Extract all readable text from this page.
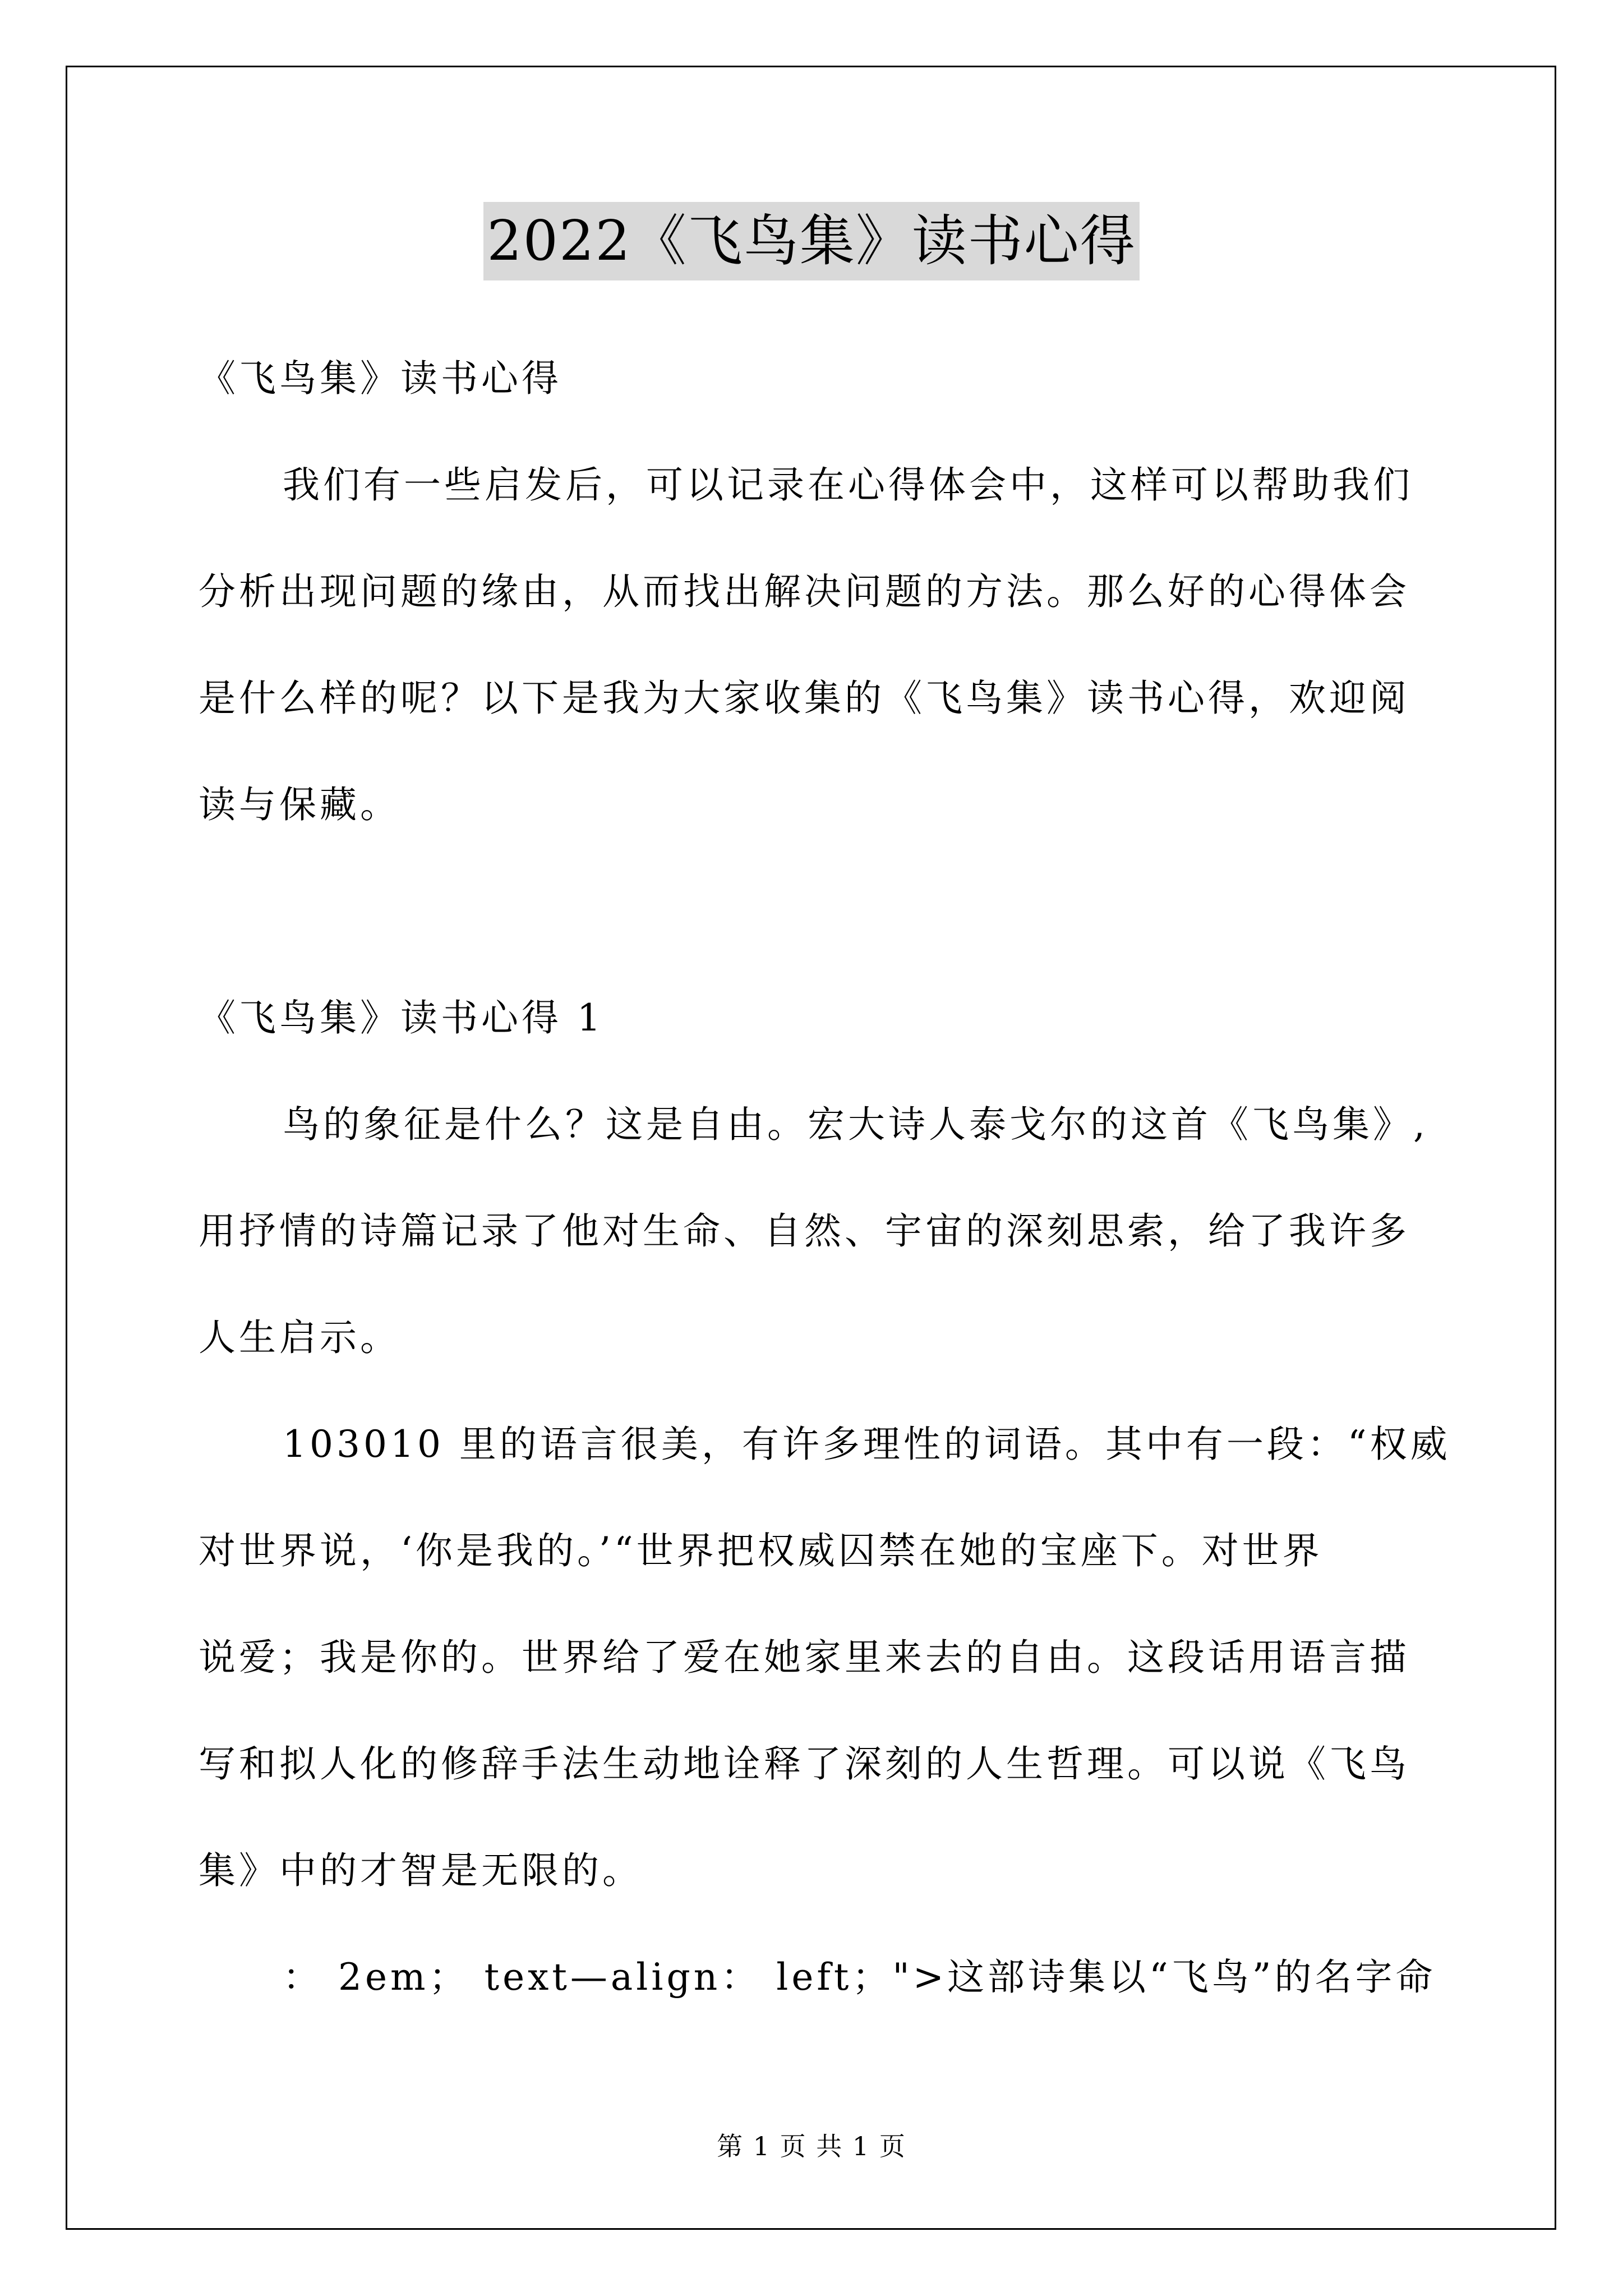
2022《飞鸟集》读书心得
《飞鸟集》读书心得
我们有一些启发后，可以记录在心得体会中，这样可以帮助我们
分析出现问题的缘由，从而找出解决问题的方法。那么好的心得体会
是什么样的呢？以下是我为大家收集的《飞鸟集》读书心得，欢迎阅
读与保藏。
《飞鸟集》读书心得 1
鸟的象征是什么？这是自由。宏大诗人泰戈尔的这首《飞鸟集》,
用抒情的诗篇记录了他对生命、自然、宇宙的深刻思索，给了我许多
人生启示。
103010 里的语言很美，有许多理性的词语。其中有一段：“权威
对世界说，‘你是我的。’“世界把权威囚禁在她的宝座下。对世界
说爱；我是你的。世界给了爱在她家里来去的自由。这段话用语言描
写和拟人化的修辞手法生动地诠释了深刻的人生哲理。可以说《飞鸟
集》中的才智是无限的。
： 2em； text—align： left；">这部诗集以“飞鸟”的名字命
第 1 页 共 1 页
